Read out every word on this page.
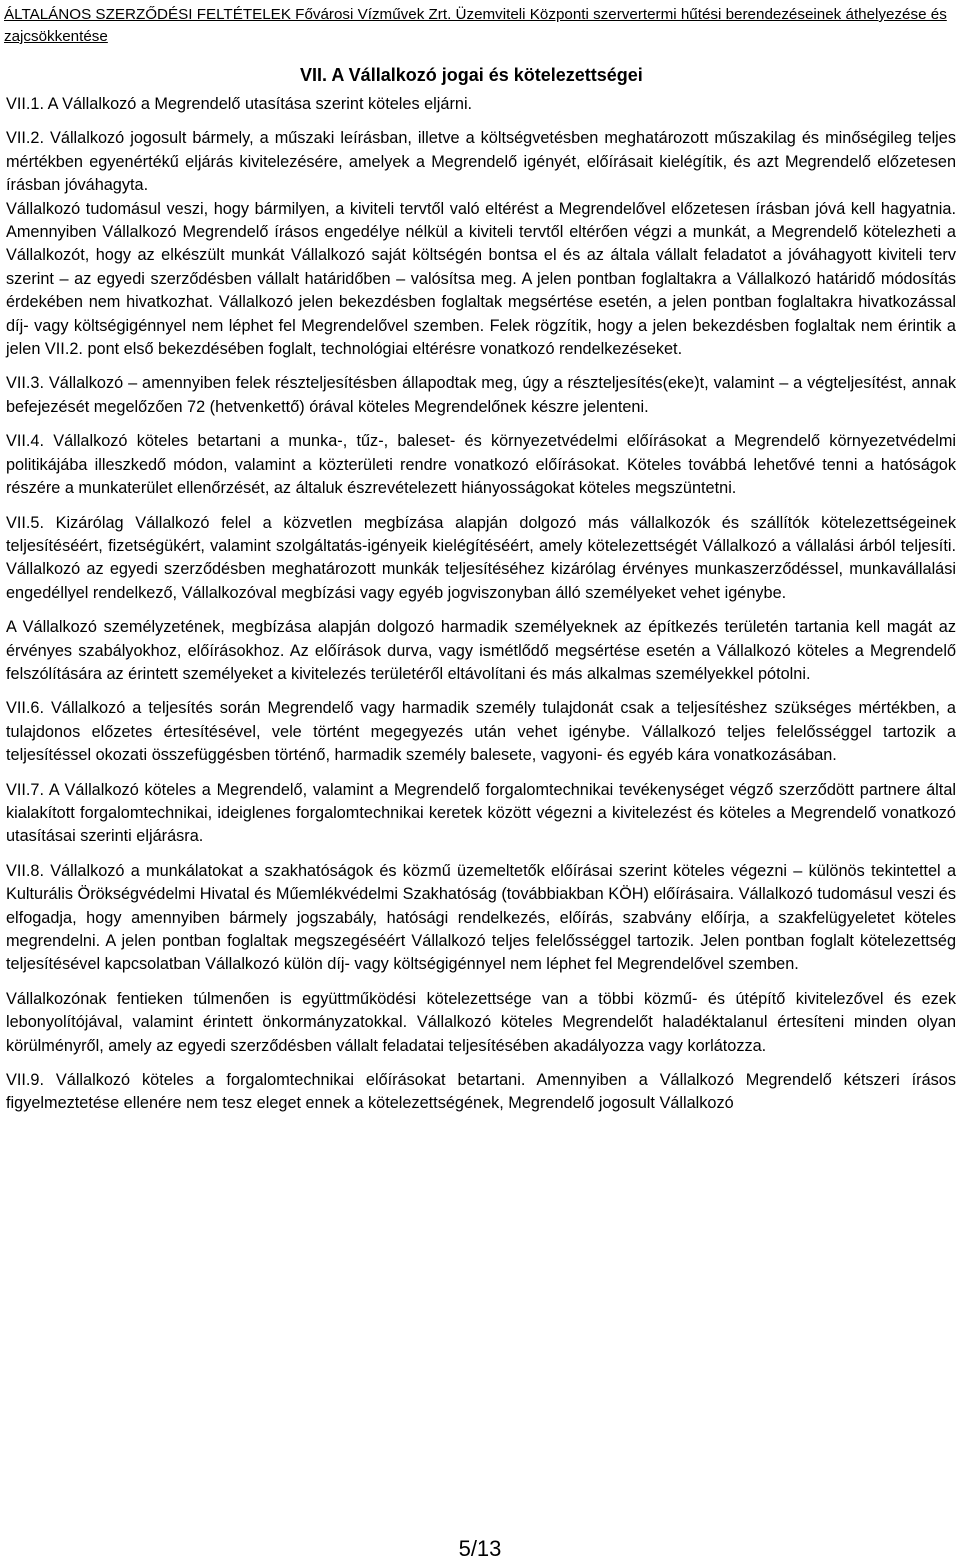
ÁLTALÁNOS SZERZŐDÉSI FELTÉTELEK Fővárosi Vízművek Zrt. Üzemviteli Központi szervertermi hűtési berendezéseinek áthelyezése és zajcsökkentése
VII. A Vállalkozó jogai és kötelezettségei

VII.1. A Vállalkozó a Megrendelő utasítása szerint köteles eljárni.

VII.2. Vállalkozó jogosult bármely, a műszaki leírásban, illetve a költségvetésben meghatározott műszakilag és minőségileg teljes mértékben egyenértékű eljárás kivitelezésére, amelyek a Megrendelő igényét, előírásait kielégítik, és azt Megrendelő előzetesen írásban jóváhagyta.

Vállalkozó tudomásul veszi, hogy bármilyen, a kiviteli tervtől való eltérést a Megrendelővel előzetesen írásban jóvá kell hagyatnia. Amennyiben Vállalkozó Megrendelő írásos engedélye nélkül a kiviteli tervtől eltérően végzi a munkát, a Megrendelő kötelezheti a Vállalkozót, hogy az elkészült munkát Vállalkozó saját költségén bontsa el és az általa vállalt feladatot a jóváhagyott kiviteli terv szerint – az egyedi szerződésben vállalt határidőben – valósítsa meg. A jelen pontban foglaltakra a Vállalkozó határidő módosítás érdekében nem hivatkozhat. Vállalkozó jelen bekezdésben foglaltak megsértése esetén, a jelen pontban foglaltakra hivatkozással díj- vagy költségigénnyel nem léphet fel Megrendelővel szemben. Felek rögzítik, hogy a jelen bekezdésben foglaltak nem érintik a jelen VII.2. pont első bekezdésében foglalt, technológiai eltérésre vonatkozó rendelkezéseket.

VII.3. Vállalkozó – amennyiben felek részteljesítésben állapodtak meg, úgy a részteljesítés(eke)t, valamint – a végteljesítést, annak befejezését megelőzően 72 (hetvenkettő) órával köteles Megrendelőnek készre jelenteni.

VII.4. Vállalkozó köteles betartani a munka-, tűz-, baleset- és környezetvédelmi előírásokat a Megrendelő környezetvédelmi politikájába illeszkedő módon, valamint a közterületi rendre vonatkozó előírásokat. Köteles továbbá lehetővé tenni a hatóságok részére a munkaterület ellenőrzését, az általuk észrevételezett hiányosságokat köteles megszüntetni.

VII.5. Kizárólag Vállalkozó felel a közvetlen megbízása alapján dolgozó más vállalkozók és szállítók kötelezettségeinek teljesítéséért, fizetségükért, valamint szolgáltatás-igényeik kielégítéséért, amely kötelezettségét Vállalkozó a vállalási árból teljesíti. Vállalkozó az egyedi szerződésben meghatározott munkák teljesítéséhez kizárólag érvényes munkaszerződéssel, munkavállalási engedéllyel rendelkező, Vállalkozóval megbízási vagy egyéb jogviszonyban álló személyeket vehet igénybe.

A Vállalkozó személyzetének, megbízása alapján dolgozó harmadik személyeknek az építkezés területén tartania kell magát az érvényes szabályokhoz, előírásokhoz. Az előírások durva, vagy ismétlődő megsértése esetén a Vállalkozó köteles a Megrendelő felszólítására az érintett személyeket a kivitelezés területéről eltávolítani és más alkalmas személyekkel pótolni.

VII.6. Vállalkozó a teljesítés során Megrendelő vagy harmadik személy tulajdonát csak a teljesítéshez szükséges mértékben, a tulajdonos előzetes értesítésével, vele történt megegyezés után vehet igénybe. Vállalkozó teljes felelősséggel tartozik a teljesítéssel okozati összefüggésben történő, harmadik személy balesete, vagyoni- és egyéb kára vonatkozásában.

VII.7. A Vállalkozó köteles a Megrendelő, valamint a Megrendelő forgalomtechnikai tevékenységet végző szerződött partnere által kialakított forgalomtechnikai, ideiglenes forgalomtechnikai keretek között végezni a kivitelezést és köteles a Megrendelő vonatkozó utasításai szerinti eljárásra.

VII.8. Vállalkozó a munkálatokat a szakhatóságok és közmű üzemeltetők előírásai szerint köteles végezni – különös tekintettel a Kulturális Örökségvédelmi Hivatal és Műemlékvédelmi Szakhatóság (továbbiakban KÖH) előírásaira. Vállalkozó tudomásul veszi és elfogadja, hogy amennyiben bármely jogszabály, hatósági rendelkezés, előírás, szabvány előírja, a szakfelügyeletet köteles megrendelni. A jelen pontban foglaltak megszegéséért Vállalkozó teljes felelősséggel tartozik. Jelen pontban foglalt kötelezettség teljesítésével kapcsolatban Vállalkozó külön díj- vagy költségigénnyel nem léphet fel Megrendelővel szemben.

Vállalkozónak fentieken túlmenően is együttműködési kötelezettsége van a többi közmű- és útépítő kivitelezővel és ezek lebonyolítójával, valamint érintett önkormányzatokkal. Vállalkozó köteles Megrendelőt haladéktalanul értesíteni minden olyan körülményről, amely az egyedi szerződésben vállalt feladatai teljesítésében akadályozza vagy korlátozza.

VII.9. Vállalkozó köteles a forgalomtechnikai előírásokat betartani. Amennyiben a Vállalkozó Megrendelő kétszeri írásos figyelmeztetése ellenére nem tesz eleget ennek a kötelezettségének, Megrendelő jogosult Vállalkozó

5/13
